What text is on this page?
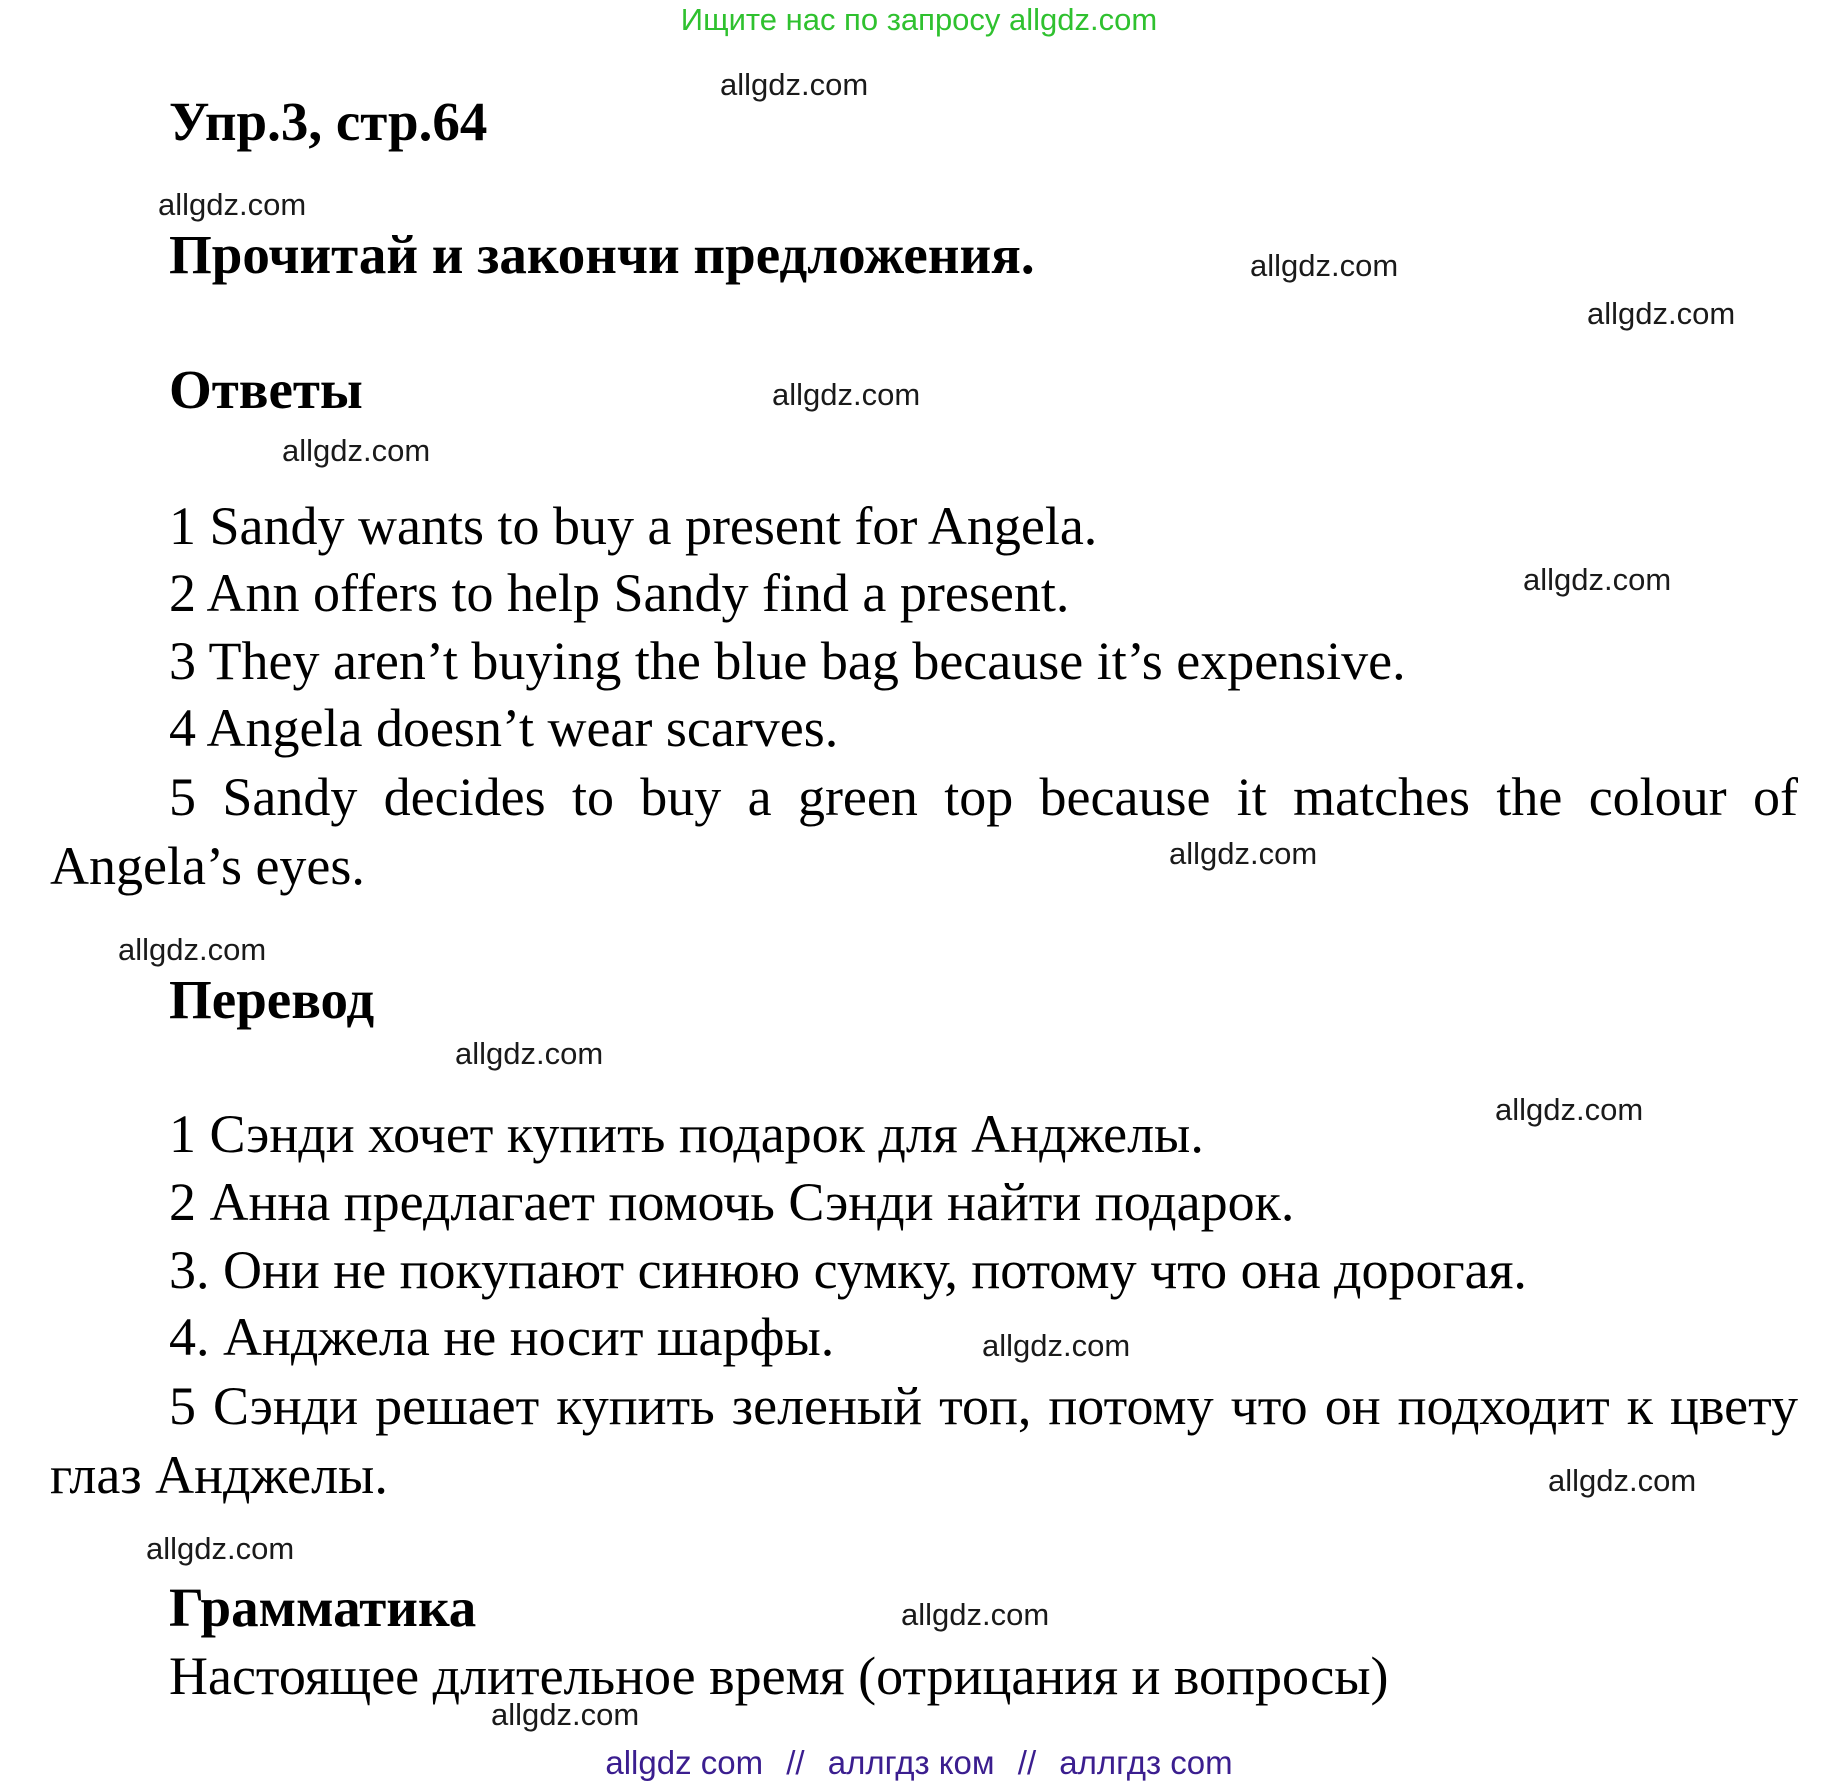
Ищите нас по запросу allgdz.com
allgdz.com
allgdz.com
allgdz.com
allgdz.com
allgdz.com
allgdz.com
allgdz.com
allgdz.com
allgdz.com
allgdz.com
allgdz.com
allgdz.com
allgdz.com
allgdz.com
allgdz.com
allgdz.com
Упр.3, стр.64
Прочитай и закончи предложения.
Ответы
1 Sandy wants to buy a present for Angela.
2 Ann offers to help Sandy find a present.
3 They aren’t buying the blue bag because it’s expensive.
4 Angela doesn’t wear scarves.

5 Sandy decides to buy a green top because it matches the colour of Angela’s eyes.

Перевод
1 Сэнди хочет купить подарок для Анджелы.
2 Анна предлагает помочь Сэнди найти подарок.
3. Они не покупают синюю сумку, потому что она дорогая.
4. Анджела не носит шарфы.

5 Сэнди решает купить зеленый топ, потому что он подходит к цвету глаз Анджелы.

Грамматика
Настоящее длительное время (отрицания и вопросы)
allgdz com // аллгдз ком // аллгдз com
